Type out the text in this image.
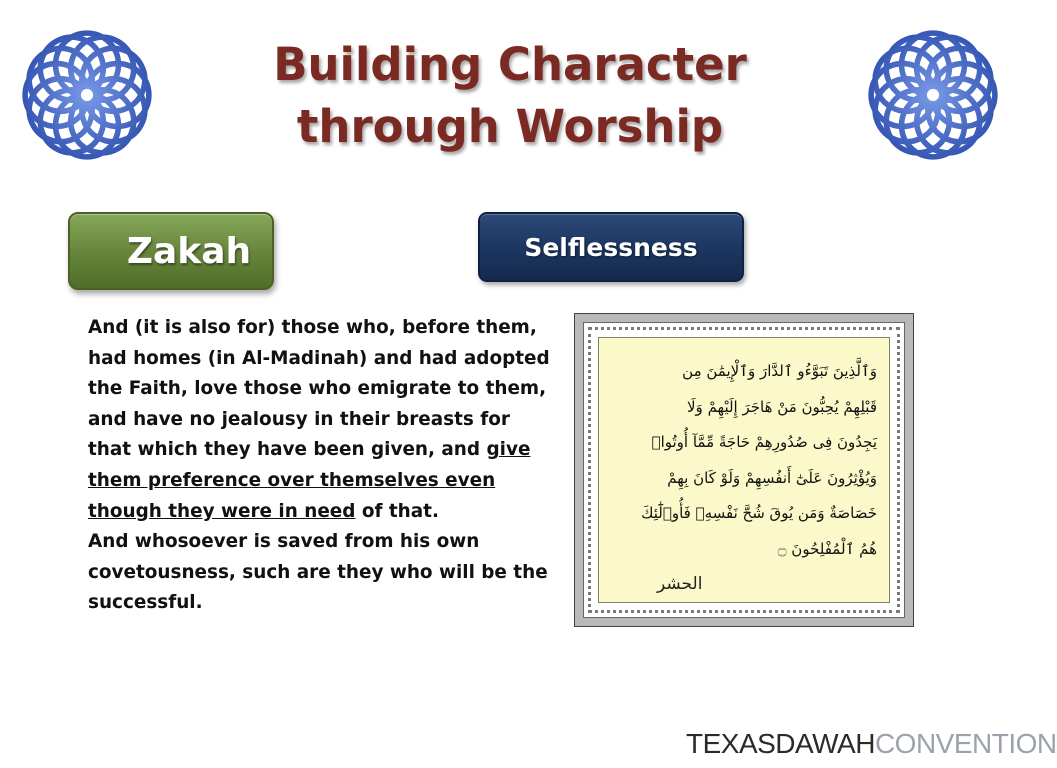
Building Character
through Worship
Zakah	Selflessness

And (it is also for) those who, before them, had homes (in Al-Madinah) and had adopted the Faith, love those who emigrate to them, and have no jealousy in their breasts for that which they have been given, and give them preference over themselves even though they were in need of that.

And whosoever is saved from his own covetousness, such are they who will be the successful.

وَٱلَّذِينَ تَبَوَّءُو ٱلدَّارَ وَٱلْإِيمَٰنَ مِن
قَبْلِهِمْ يُحِبُّونَ مَنْ هَاجَرَ إِلَيْهِمْ وَلَا
يَجِدُونَ فِى صُدُورِهِمْ حَاجَةً مِّمَّآ أُوتُوا۟
وَيُؤْثِرُونَ عَلَىٰٓ أَنفُسِهِمْ وَلَوْ كَانَ بِهِمْ
خَصَاصَةٌ وَمَن يُوقَ شُحَّ نَفْسِهِۦ فَأُو۟لَٰٓئِكَ
هُمُ ٱلْمُفْلِحُونَ ۝
الحشر
TEXASDAWAHCONVENTION
